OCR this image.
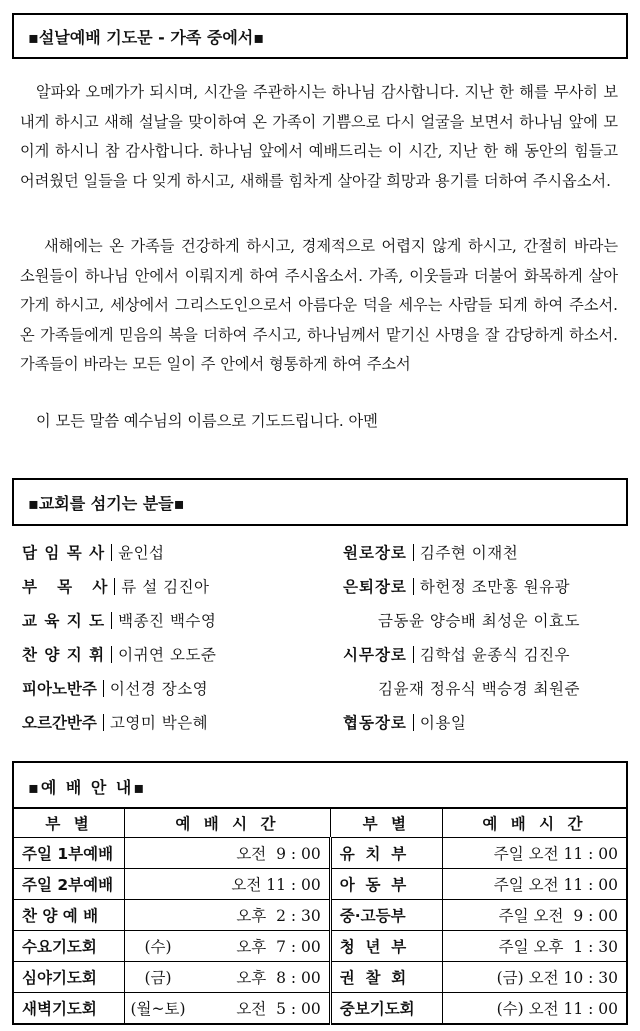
▪설날예배 기도문 - 가족 중에서▪

알파와 오메가가 되시며, 시간을 주관하시는 하나님 감사합니다. 지난 한 해를 무사히 보내게 하시고 새해 설날을 맞이하여 온 가족이 기쁨으로 다시 얼굴을 보면서 하나님 앞에 모이게 하시니 참 감사합니다. 하나님 앞에서 예배드리는 이 시간, 지난 한 해 동안의 힘들고 어려웠던 일들을 다 잊게 하시고, 새해를 힘차게 살아갈 희망과 용기를 더하여 주시옵소서.

새해에는 온 가족들 건강하게 하시고, 경제적으로 어렵지 않게 하시고, 간절히 바라는 소원들이 하나님 안에서 이뤄지게 하여 주시옵소서. 가족, 이웃들과 더불어 화목하게 살아가게 하시고, 세상에서 그리스도인으로서 아름다운 덕을 세우는 사람들 되게 하여 주소서. 온 가족들에게 믿음의 복을 더하여 주시고, 하나님께서 맡기신 사명을 잘 감당하게 하소서. 가족들이 바라는 모든 일이 주 안에서 형통하게 하여 주소서

이 모든 말씀 예수님의 이름으로 기도드립니다. 아멘

▪교회를 섬기는 분들▪
담 임 목 사 윤인섭
부   목   사 류 설 김진아
교 육 지 도 백종진 백수영
찬 양 지 휘 이귀연 오도준
피아노반주 이선경 장소영
오르간반주 고영미 박은혜
원로장로 김주현 이재천
은퇴장로 하헌정 조만홍 원유광
금동윤 양승배 최성운 이효도
시무장로 김학섭 윤종식 김진우
김윤재 정유식 백승경 최원준
협동장로 이용일
▪예 배 안 내▪
부 별	예 배 시 간		부 별	예 배 시 간
주일 1부예배		오전  9 : 00	유  치  부	주일 오전 11 : 00
주일 2부예배		오전 11 : 00	아  동  부	주일 오전 11 : 00
찬 양 예 배		오후  2 : 30	중·고등부	주일 오전  9 : 00
수요기도회	(수)	오후  7 : 00	청  년  부	주일 오후  1 : 30
심야기도회	(금)	오후  8 : 00	권  찰  회	(금) 오전 10 : 30
새벽기도회	(월~토)	오전  5 : 00	중보기도회	(수) 오전 11 : 00
